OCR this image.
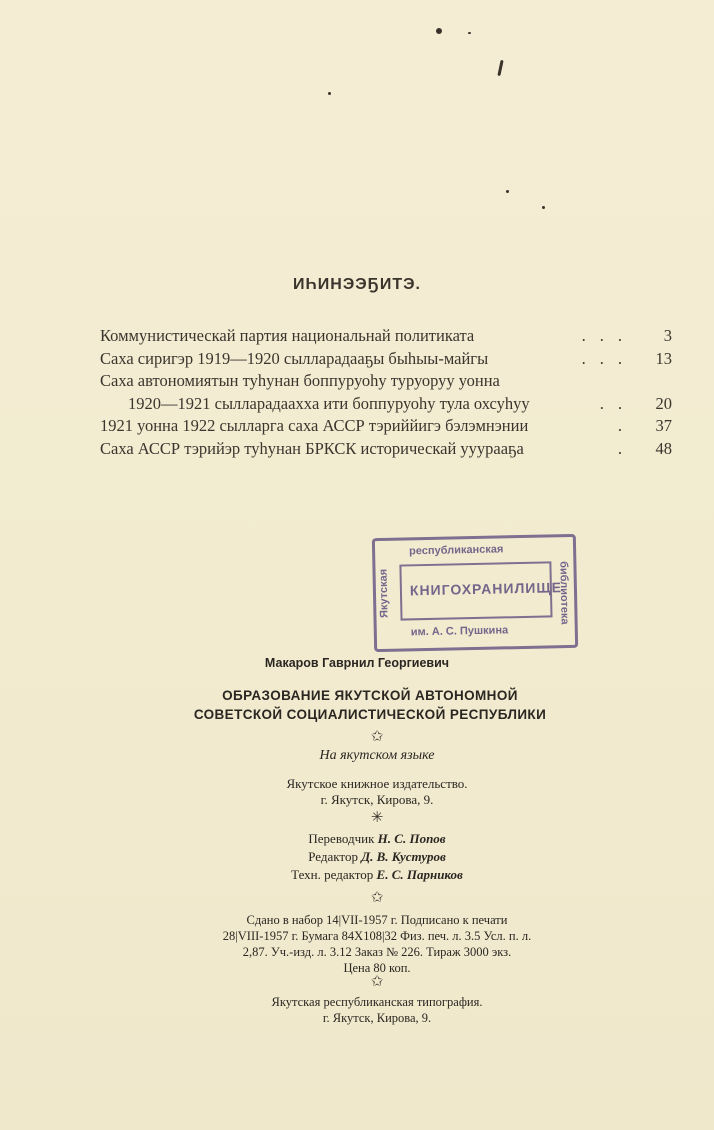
ИҺИНЭЭҔИТЭ.
Коммунистическай партия национальнай политиката	...	3
Саха сиригэр 1919—1920 сылларадааҕы быһыы-майгы	...	13
Саха автономиятын туһунан боппуруоһу туруоруу уонна
1920—1921 сылларадааххa ити боппуруоһу тула охсуһуу	..	20
1921 уонна 1922 сылларга саха АССР тэриййигэ бэлэмнэнии	.	37
Саха АССР тэрийэр туһунан БРКСК историческай ууурааҕа	.	48
Якутская
республиканская
КНИГОХРАНИЛИЩЕ
библиотека
им. А. С. Пушкина
Макаров Гаврнил Георгиевич
ОБРАЗОВАНИЕ ЯКУТСКОЙ АВТОНОМНОЙ
СОВЕТСКОЙ СОЦИАЛИСТИЧЕСКОЙ РЕСПУБЛИКИ
✩
На якутском языке
Якутское книжное издательство.
г. Якутск, Кирова, 9.
✳
Переводчик Н. С. Попов
Редактор Д. В. Кустуров
Техн. редактор Е. С. Парников
✩
Сдано в набор 14|VII-1957 г. Подписано к печати
28|VIII-1957 г. Бумага 84Х108|32 Физ. печ. л. 3.5 Усл. п. л.
2,87. Уч.-изд. л. 3.12 Заказ № 226. Тираж 3000 экз.
Цена 80 коп.
✩
Якутская республиканская типография.
г. Якутск, Кирова, 9.
